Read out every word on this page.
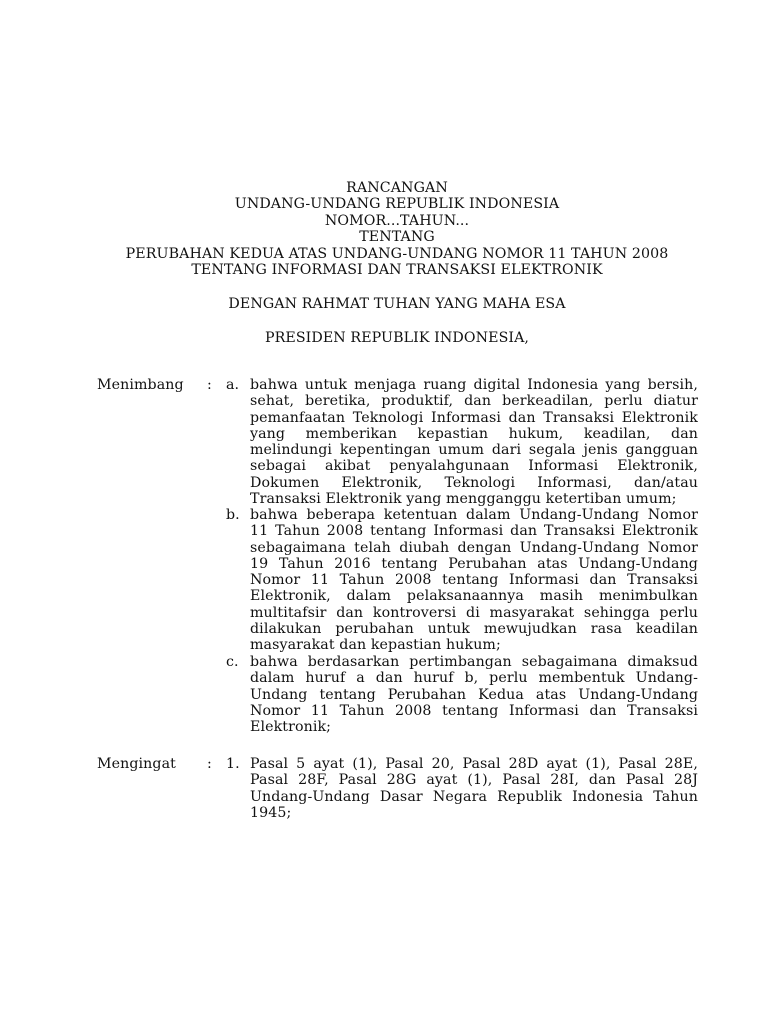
RANCANGAN
UNDANG-UNDANG REPUBLIK INDONESIA
NOMOR...TAHUN...
TENTANG
PERUBAHAN KEDUA ATAS UNDANG-UNDANG NOMOR 11 TAHUN 2008
TENTANG INFORMASI DAN TRANSAKSI ELEKTRONIK
DENGAN RAHMAT TUHAN YANG MAHA ESA
PRESIDEN REPUBLIK INDONESIA,
Menimbang : a. bahwa untuk menjaga ruang digital Indonesia yang bersih,
sehat, beretika, produktif, dan berkeadilan, perlu diatur
pemanfaatan Teknologi Informasi dan Transaksi Elektronik
yang memberikan kepastian hukum, keadilan, dan
melindungi kepentingan umum dari segala jenis gangguan
sebagai akibat penyalahgunaan Informasi Elektronik,
Dokumen Elektronik, Teknologi Informasi, dan/atau
Transaksi Elektronik yang mengganggu ketertiban umum;
b. bahwa beberapa ketentuan dalam Undang-Undang Nomor
11 Tahun 2008 tentang Informasi dan Transaksi Elektronik
sebagaimana telah diubah dengan Undang-Undang Nomor
19 Tahun 2016 tentang Perubahan atas Undang-Undang
Nomor 11 Tahun 2008 tentang Informasi dan Transaksi
Elektronik, dalam pelaksanaannya masih menimbulkan
multitafsir dan kontroversi di masyarakat sehingga perlu
dilakukan perubahan untuk mewujudkan rasa keadilan
masyarakat dan kepastian hukum;
c. bahwa berdasarkan pertimbangan sebagaimana dimaksud
dalam huruf a dan huruf b, perlu membentuk Undang-
Undang tentang Perubahan Kedua atas Undang-Undang
Nomor 11 Tahun 2008 tentang Informasi dan Transaksi
Elektronik;
Mengingat : 1. Pasal 5 ayat (1), Pasal 20, Pasal 28D ayat (1), Pasal 28E,
Pasal 28F, Pasal 28G ayat (1), Pasal 28I, dan Pasal 28J
Undang-Undang Dasar Negara Republik Indonesia Tahun
1945;
